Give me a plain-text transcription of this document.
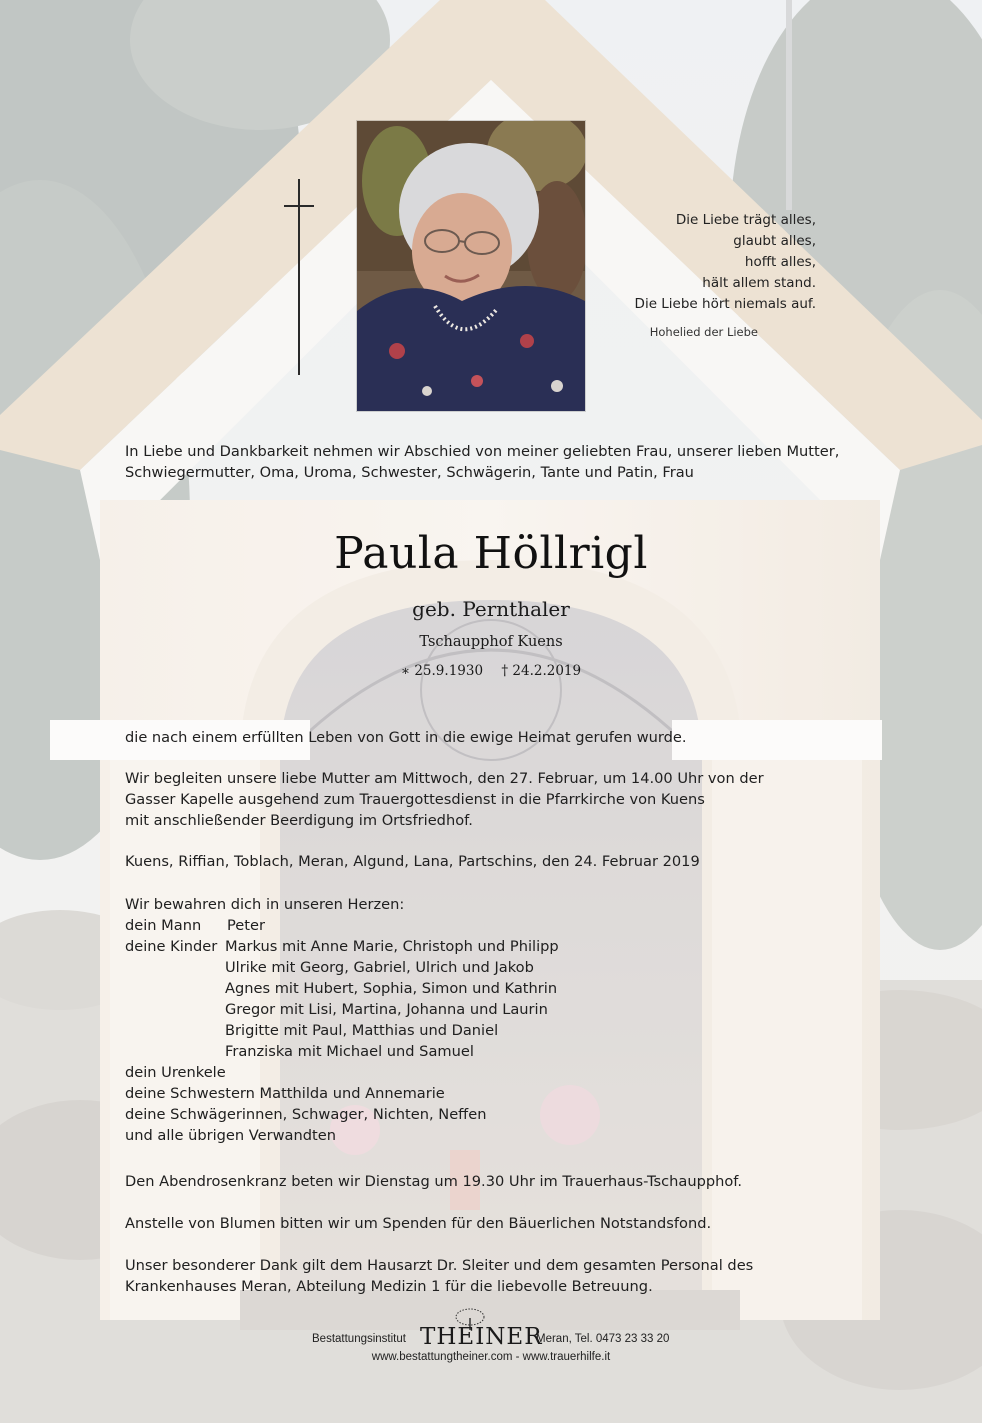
Die Liebe trägt alles,
glaubt alles,
hofft alles,
hält allem stand.
Die Liebe hört niemals auf.
Hohelied der Liebe
In Liebe und Dankbarkeit nehmen wir Abschied von meiner geliebten Frau, unserer lieben Mutter,
Schwiegermutter, Oma, Uroma, Schwester, Schwägerin, Tante und Patin, Frau
Paula Höllrigl
geb. Pernthaler
Tschaupphof Kuens
∗ 25.9.1930 † 24.2.2019
die nach einem erfüllten Leben von Gott in die ewige Heimat gerufen wurde.
Wir begleiten unsere liebe Mutter am Mittwoch, den 27. Februar, um 14.00 Uhr von der
Gasser Kapelle ausgehend zum Trauergottesdienst in die Pfarrkirche von Kuens
mit anschließender Beerdigung im Ortsfriedhof.
Kuens, Riffian, Toblach, Meran, Algund, Lana, Partschins, den 24. Februar 2019
Wir bewahren dich in unseren Herzen:
dein Mann Peter
deine Kinder Markus mit Anne Marie, Christoph und Philipp
Ulrike mit Georg, Gabriel, Ulrich und Jakob
Agnes mit Hubert, Sophia, Simon und Kathrin
Gregor mit Lisi, Martina, Johanna und Laurin
Brigitte mit Paul, Matthias und Daniel
Franziska mit Michael und Samuel
dein Urenkele
deine Schwestern Matthilda und Annemarie
deine Schwägerinnen, Schwager, Nichten, Neffen
und alle übrigen Verwandten
Den Abendrosenkranz beten wir Dienstag um 19.30 Uhr im Trauerhaus-Tschaupphof.
Anstelle von Blumen bitten wir um Spenden für den Bäuerlichen Notstandsfond.
Unser besonderer Dank gilt dem Hausarzt Dr. Sleiter und dem gesamten Personal des
Krankenhauses Meran, Abteilung Medizin 1 für die liebevolle Betreuung.
Bestattungsinstitut THEINER
Meran, Tel. 0473 23 33 20
www.bestattungtheiner.com - www.trauerhilfe.it
